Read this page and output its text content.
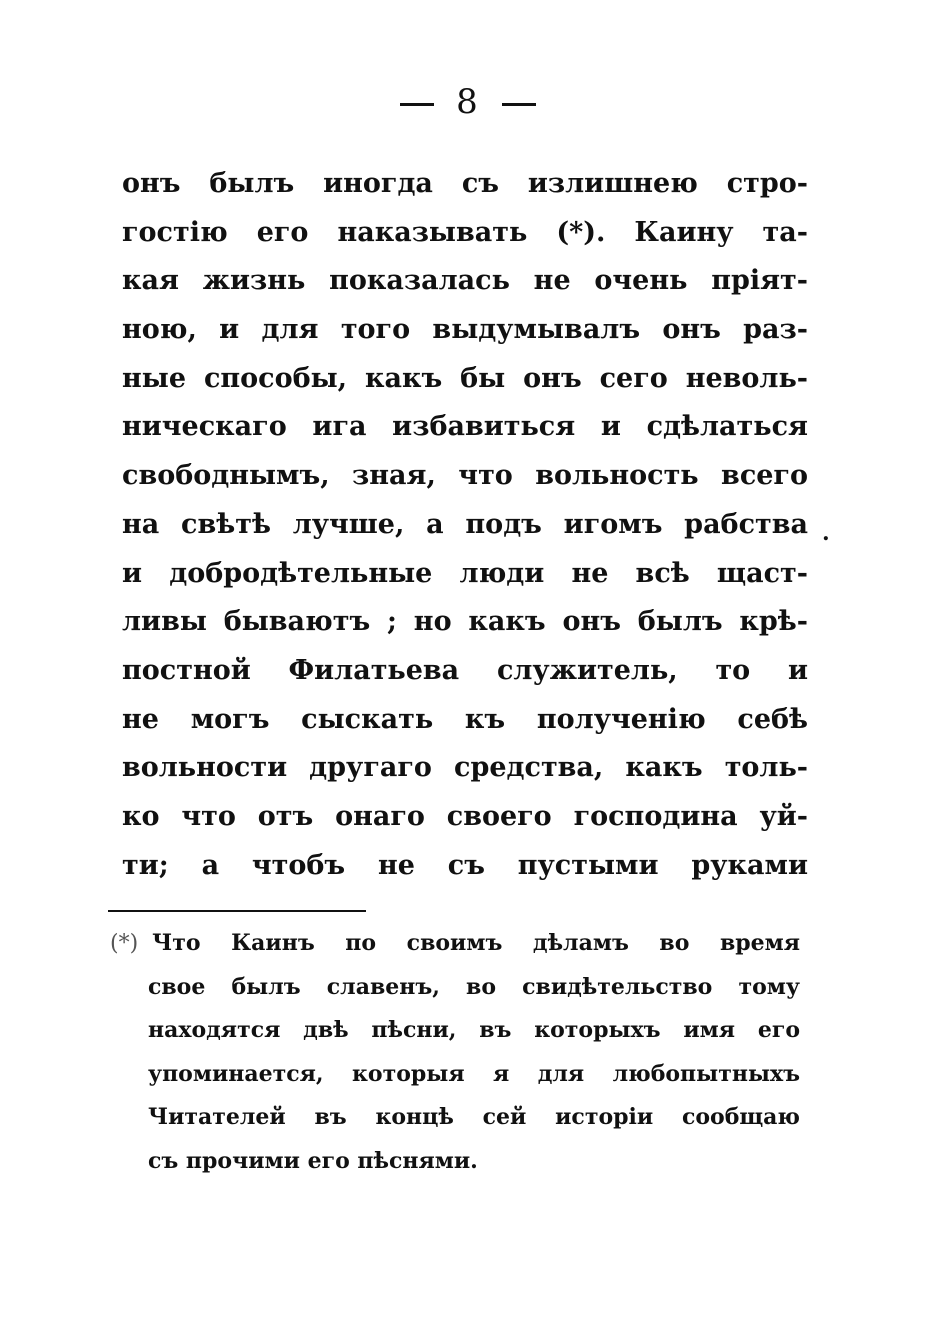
8
онъ былъ иногда съ излишнею стро-
гостію его наказывать (*). Каину та-
кая жизнь показалась не очень пріят-
ною, и для того выдумывалъ онъ раз-
ные способы, какъ бы онъ сего неволь-
ническаго ига избавиться и сдѣлаться
свободнымъ, зная, что вольность всего
на свѣтѣ лучше, а подъ игомъ рабства
и добродѣтельные люди не всѣ щаст-
ливы бываютъ ; но какъ онъ былъ крѣ-
постной Филатьева служитель, то и
не могъ сыскать къ полученію себѣ
вольности другаго средства, какъ толь-
ко что отъ онаго своего господина уй-
ти; а чтобъ не съ пустыми руками
.
(*) Что Каинъ по своимъ дѣламъ во время
свое былъ славенъ, во свидѣтельство тому
находятся двѣ пѣсни, въ которыхъ имя его
упоминается, которыя я для любопытныхъ
Читателей въ концѣ сей исторіи сообщаю
съ прочими его пѣснями.
